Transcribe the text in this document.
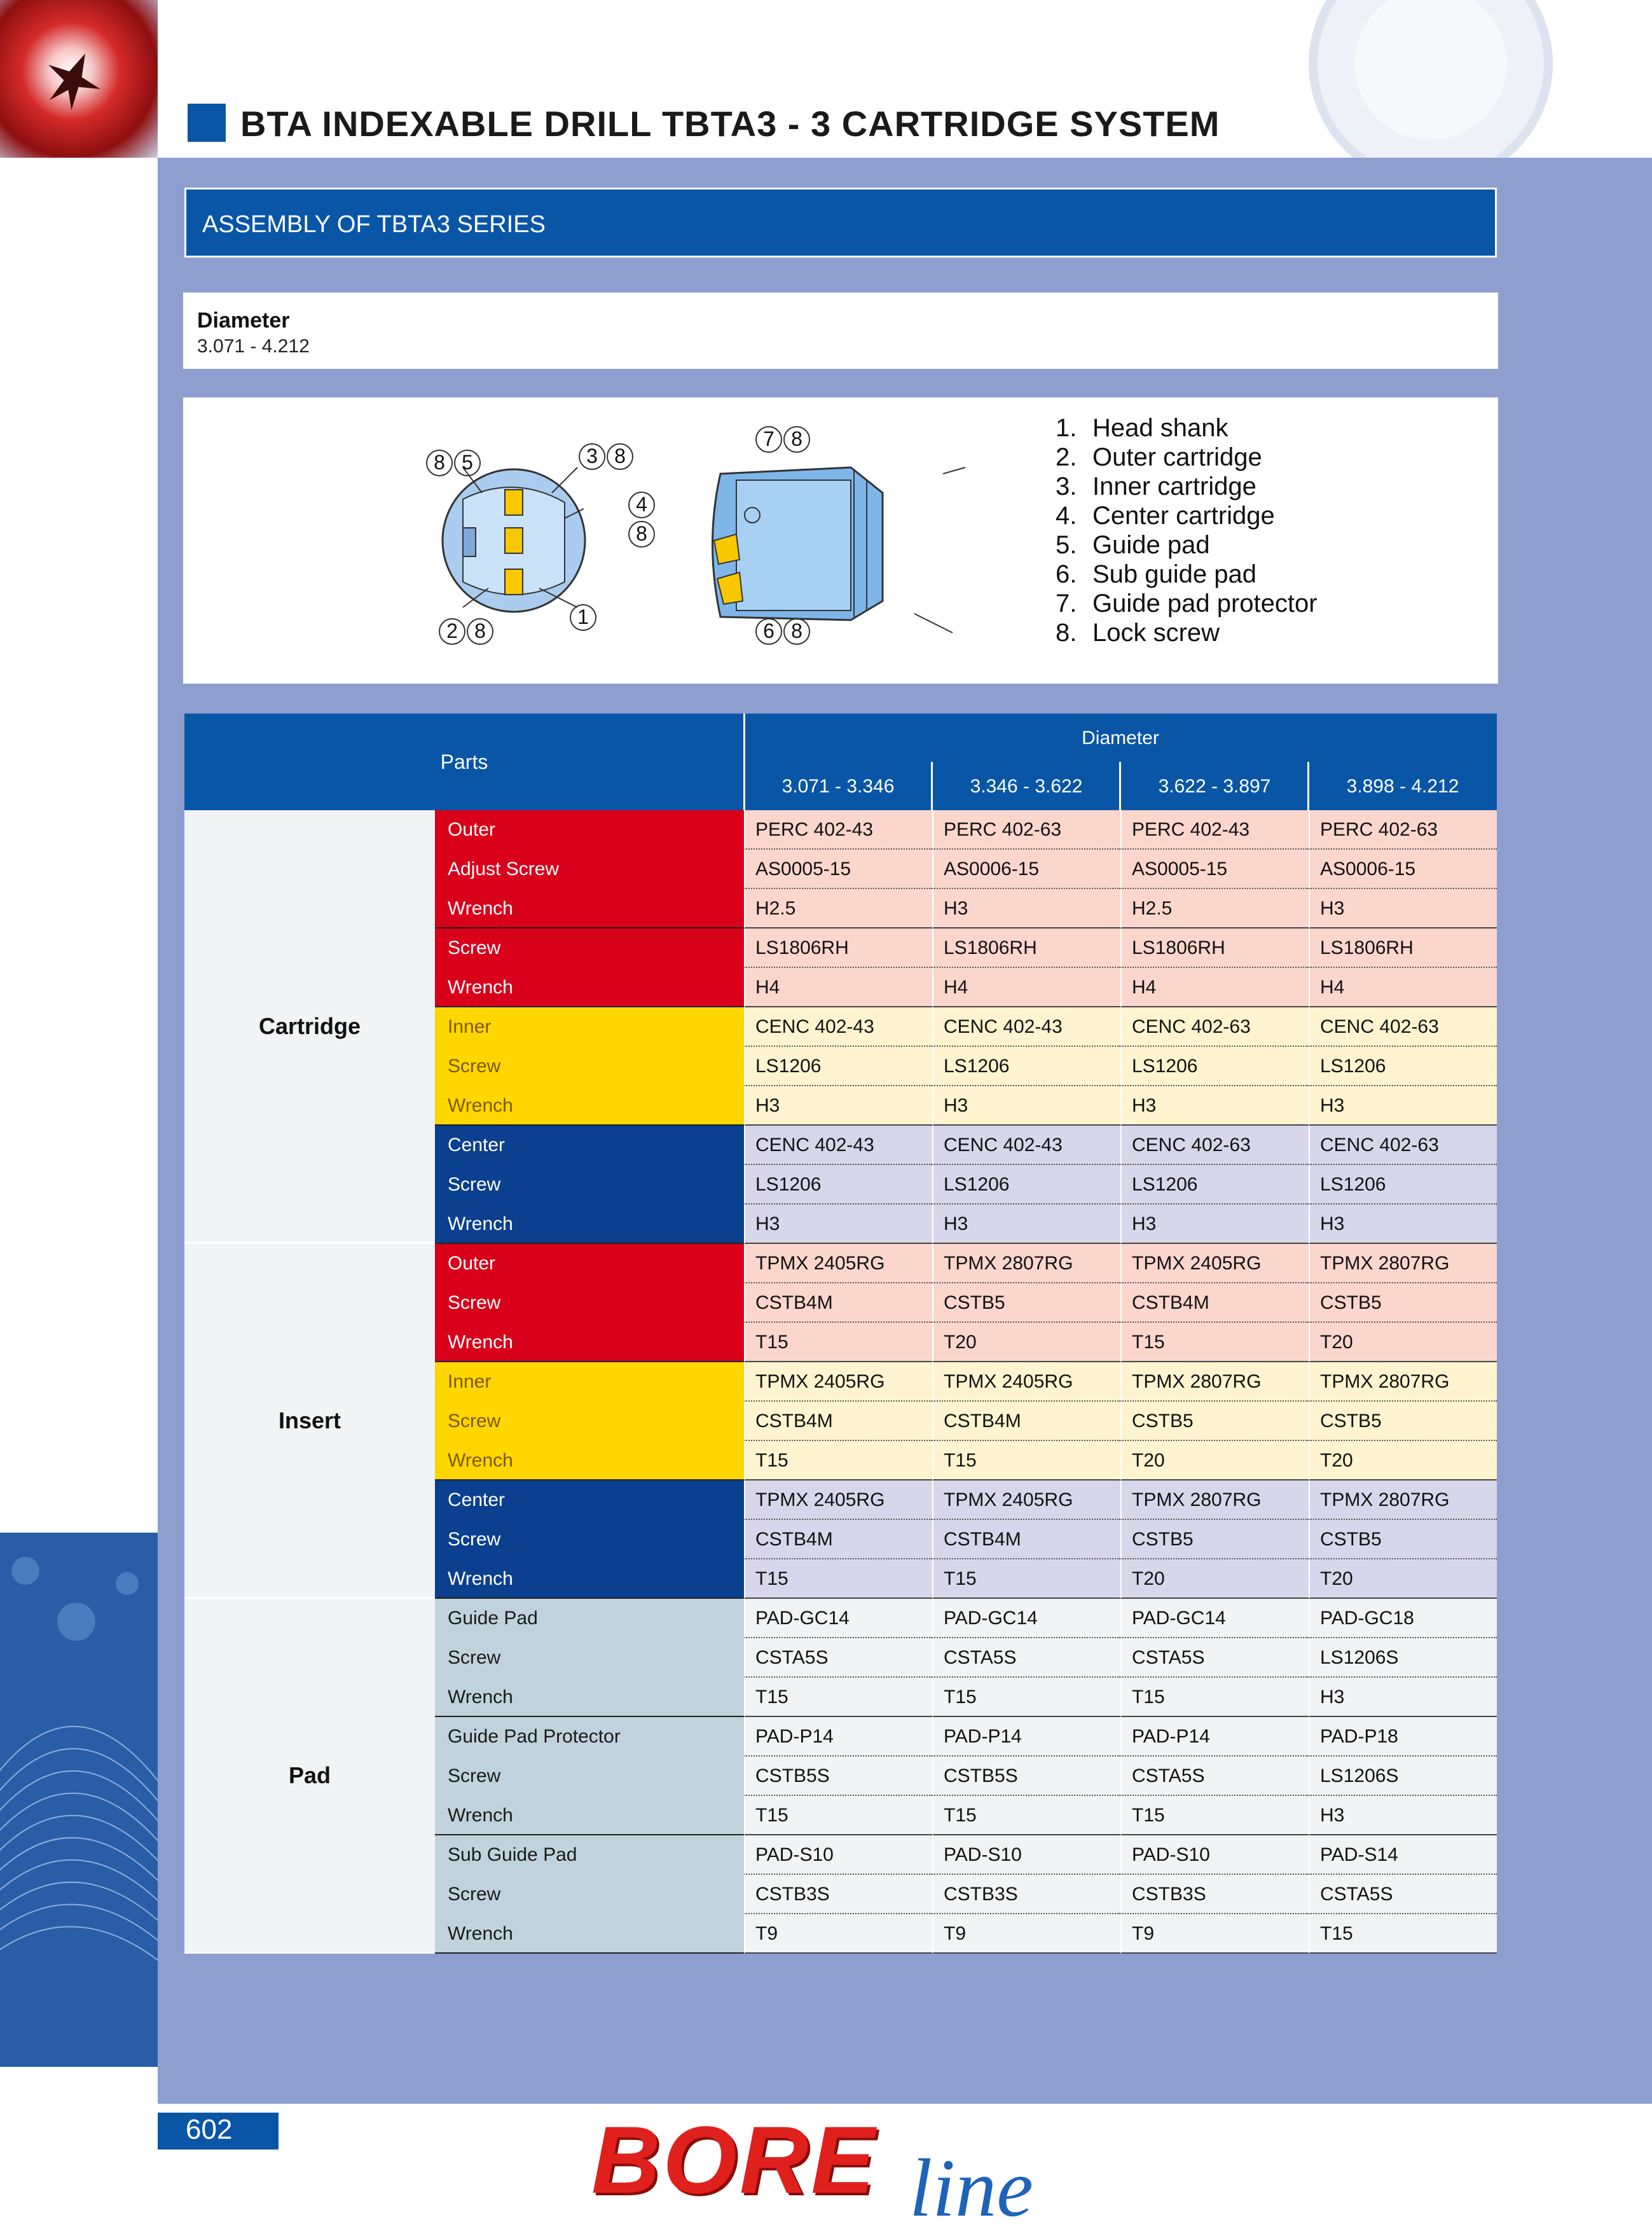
BTA INDEXABLE DRILL TBTA3 - 3 CARTRIDGE SYSTEM
ASSEMBLY OF TBTA3 SERIES
Diameter
3.071 - 4.212
8 5	3 8
4
8
2 8
1
7 8
6 8
1. Head shank
2. Outer cartridge
3. Inner cartridge
4. Center cartridge
5. Guide pad
6. Sub guide pad
7. Guide pad protector
8. Lock screw
Parts
Diameter
3.071 - 3.346	3.346 - 3.622	3.622 - 3.897	3.898 - 4.212
Cartridge
Outer	PERC 402-43	PERC 402-63	PERC 402-43	PERC 402-63
Adjust Screw	AS0005-15	AS0006-15	AS0005-15	AS0006-15
Wrench	H2.5	H3	H2.5	H3
Screw	LS1806RH	LS1806RH	LS1806RH	LS1806RH
Wrench	H4	H4	H4	H4
Inner	CENC 402-43	CENC 402-43	CENC 402-63	CENC 402-63
Screw	LS1206	LS1206	LS1206	LS1206
Wrench	H3	H3	H3	H3
Center	CENC 402-43	CENC 402-43	CENC 402-63	CENC 402-63
Screw	LS1206	LS1206	LS1206	LS1206
Wrench	H3	H3	H3	H3
Insert
Outer	TPMX 2405RG	TPMX 2807RG	TPMX 2405RG	TPMX 2807RG
Screw	CSTB4M	CSTB5	CSTB4M	CSTB5
Wrench	T15	T20	T15	T20
Inner	TPMX 2405RG	TPMX 2405RG	TPMX 2807RG	TPMX 2807RG
Screw	CSTB4M	CSTB4M	CSTB5	CSTB5
Wrench	T15	T15	T20	T20
Center	TPMX 2405RG	TPMX 2405RG	TPMX 2807RG	TPMX 2807RG
Screw	CSTB4M	CSTB4M	CSTB5	CSTB5
Wrench	T15	T15	T20	T20
Pad
Guide Pad	PAD-GC14	PAD-GC14	PAD-GC14	PAD-GC18
Screw	CSTA5S	CSTA5S	CSTA5S	LS1206S
Wrench	T15	T15	T15	H3
Guide Pad Protector	PAD-P14	PAD-P14	PAD-P14	PAD-P18
Screw	CSTB5S	CSTB5S	CSTA5S	LS1206S
Wrench	T15	T15	T15	H3
Sub Guide Pad	PAD-S10	PAD-S10	PAD-S10	PAD-S14
Screw	CSTB3S	CSTB3S	CSTB3S	CSTA5S
Wrench	T9	T9	T9	T15
602	BORE line
